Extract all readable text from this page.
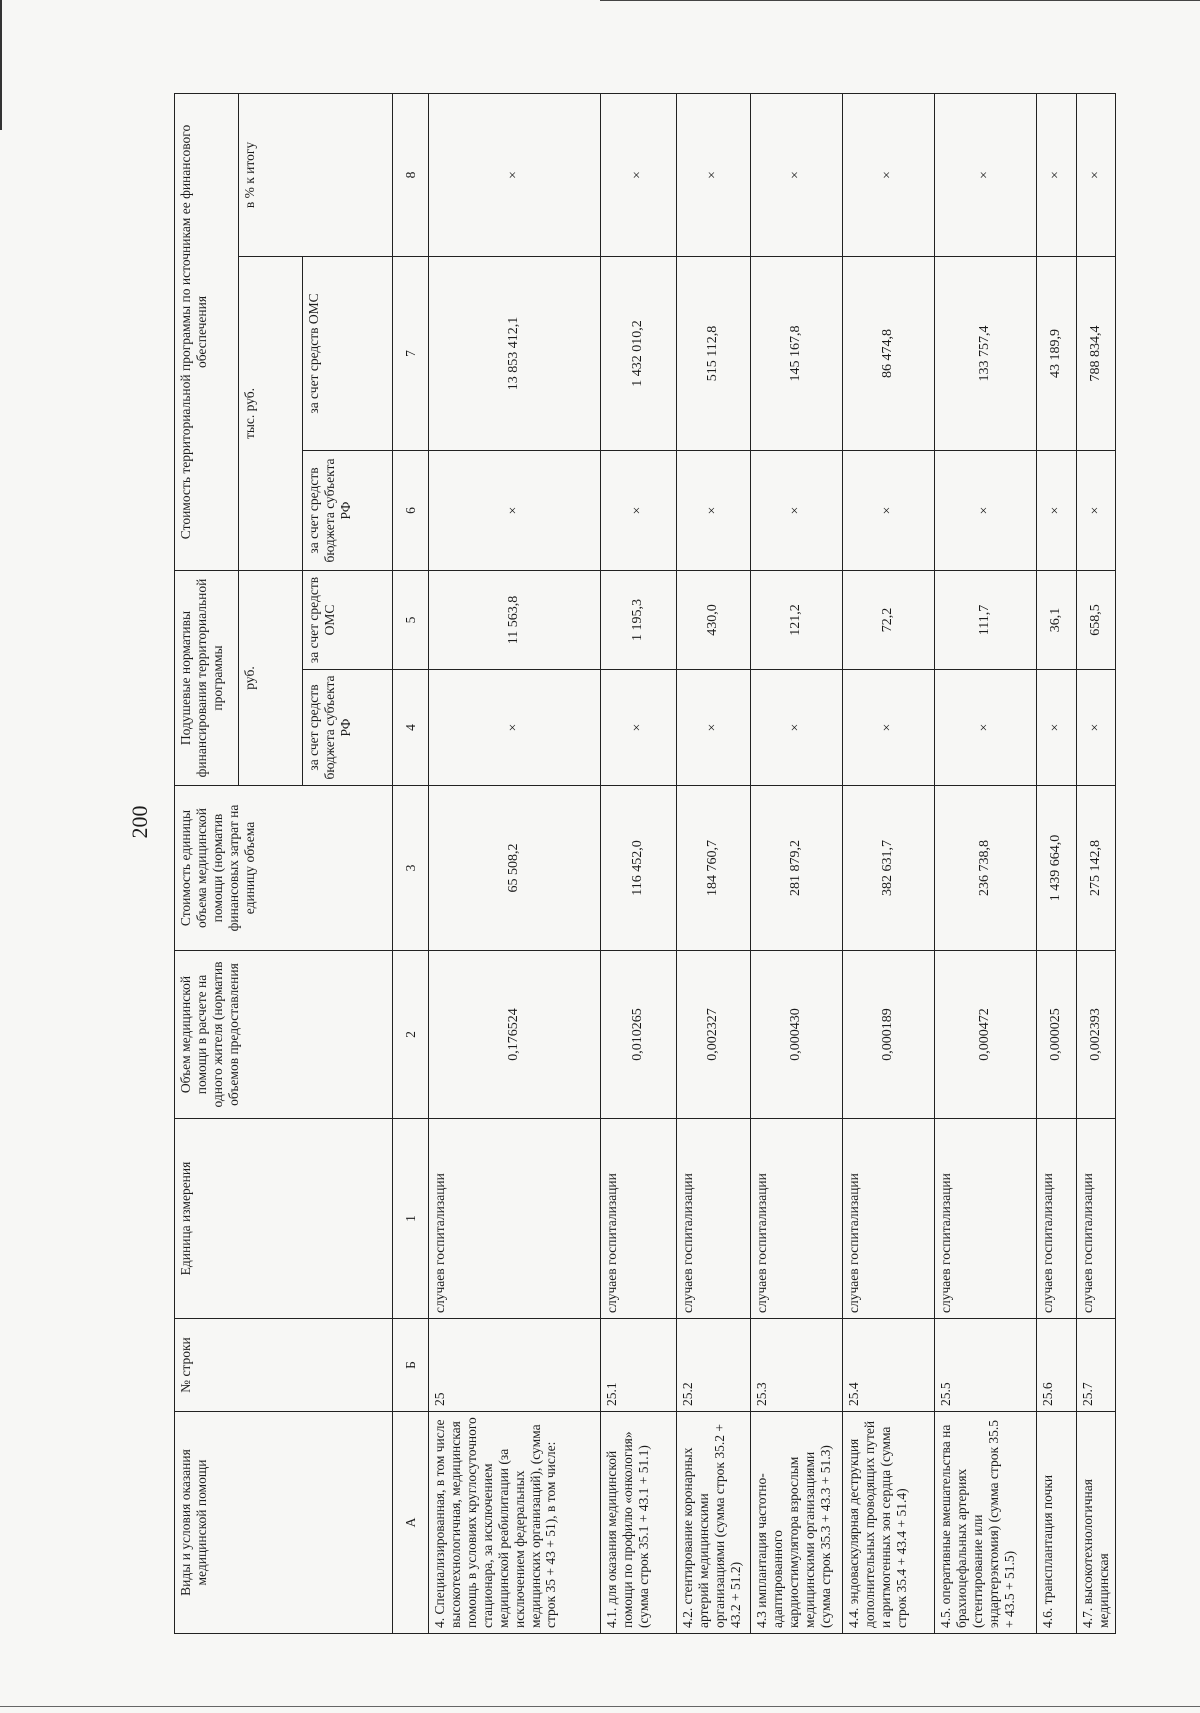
200
Виды и условия оказания медицинской помощи	№ строки	Единица измерения	Объем медицинской помощи в расчете на одного жителя (норматив объемов предоставления	Стоимость единицы объема медицинской помощи (норматив финансовых затрат на единицу объема	Подушевые нормативы финансирования территориальной программы		Стоимость территориальной программы по источникам ее финансового обеспечения		
					руб.		тыс. руб.		в % к итогу
					за счет средств бюджета субъекта РФ	за счет средств ОМС	за счет средств бюджета субъекта РФ	за счет средств ОМС	
А	Б	1	2	3	4	5	6	7	8
4. Специализированная, в том числе высокотехнологичная, медицинская помощь в условиях круглосуточного стационара, за исключением медицинской реабилитации (за исключением федеральных медицинских организаций), (сумма строк 35 + 43 + 51), в том числе:	25	случаев госпитализации	0,176524	65 508,2	×	11 563,8	×	13 853 412,1	×
4.1. для оказания медицинской помощи по профилю «онкология» (сумма строк 35.1 + 43.1 + 51.1)	25.1	случаев госпитализации	0,010265	116 452,0	×	1 195,3	×	1 432 010,2	×
4.2. стентирование коронарных артерий медицинскими организациями (сумма строк 35.2 + 43.2 + 51.2)	25.2	случаев госпитализации	0,002327	184 760,7	×	430,0	×	515 112,8	×
4.3 имплантация частотно-адаптированного кардиостимулятора взрослым медицинскими организациями (сумма строк 35.3 + 43.3 + 51.3)	25.3	случаев госпитализации	0,000430	281 879,2	×	121,2	×	145 167,8	×
4.4. эндоваскулярная деструкция дополнительных проводящих путей и аритмогенных зон сердца (сумма строк 35.4 + 43.4 + 51.4)	25.4	случаев госпитализации	0,000189	382 631,7	×	72,2	×	86 474,8	×
4.5. оперативные вмешательства на брахиоцефальных артериях (стентирование или эндартерэктомия) (сумма строк 35.5 + 43.5 + 51.5)	25.5	случаев госпитализации	0,000472	236 738,8	×	111,7	×	133 757,4	×
4.6. трансплантация почки	25.6	случаев госпитализации	0,000025	1 439 664,0	×	36,1	×	43 189,9	×
4.7. высокотехнологичная медицинская	25.7	случаев госпитализации	0,002393	275 142,8	×	658,5	×	788 834,4	×
